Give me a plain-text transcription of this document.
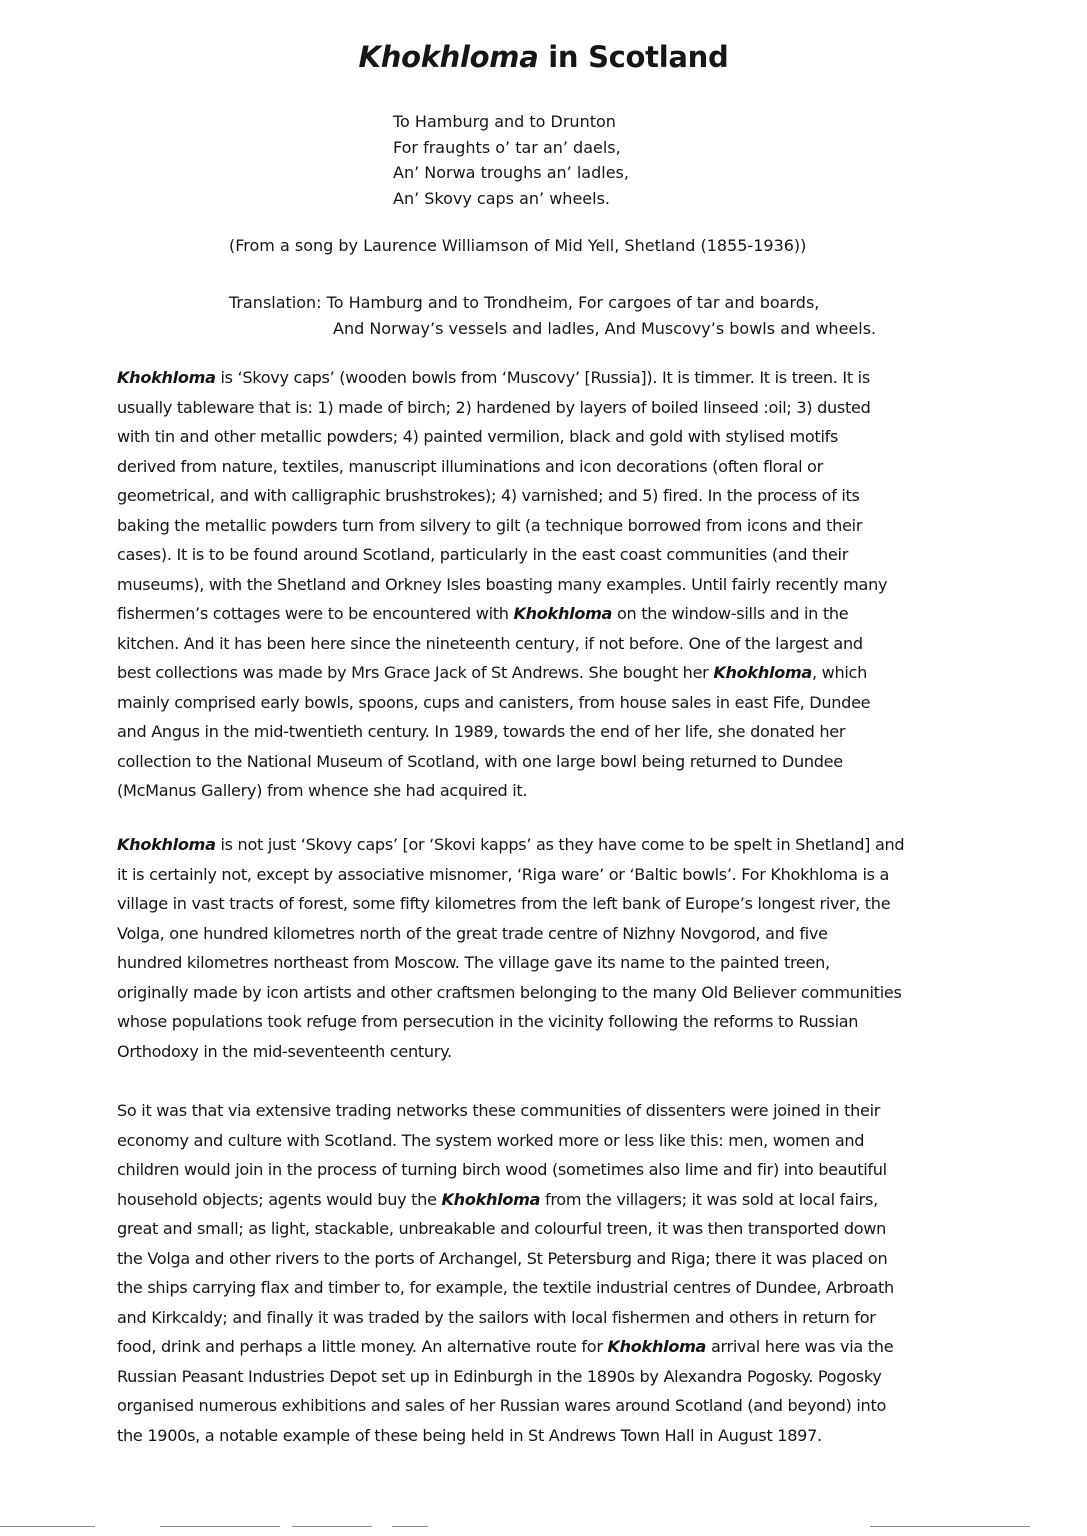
Khokhloma in Scotland
To Hamburg and to Drunton
For fraughts o’ tar an’ daels,
An’ Norwa troughs an’ ladles,
An’ Skovy caps an’ wheels.
(From a song by Laurence Williamson of Mid Yell, Shetland (1855-1936))
Translation: To Hamburg and to Trondheim, For cargoes of tar and boards,
And Norway’s vessels and ladles, And Muscovy’s bowls and wheels.
Khokhloma is ‘Skovy caps’ (wooden bowls from ‘Muscovy’ [Russia]). It is timmer. It is treen. It is
usually tableware that is: 1) made of birch; 2) hardened by layers of boiled linseed :oil; 3) dusted
with tin and other metallic powders; 4) painted vermilion, black and gold with stylised motifs
derived from nature, textiles, manuscript illuminations and icon decorations (often floral or
geometrical, and with calligraphic brushstrokes); 4) varnished; and 5) fired. In the process of its
baking the metallic powders turn from silvery to gilt (a technique borrowed from icons and their
cases). It is to be found around Scotland, particularly in the east coast communities (and their
museums), with the Shetland and Orkney Isles boasting many examples. Until fairly recently many
fishermen’s cottages were to be encountered with Khokhloma on the window-sills and in the
kitchen. And it has been here since the nineteenth century, if not before. One of the largest and
best collections was made by Mrs Grace Jack of St Andrews. She bought her Khokhloma, which
mainly comprised early bowls, spoons, cups and canisters, from house sales in east Fife, Dundee
and Angus in the mid-twentieth century. In 1989, towards the end of her life, she donated her
collection to the National Museum of Scotland, with one large bowl being returned to Dundee
(McManus Gallery) from whence she had acquired it.
Khokhloma is not just ‘Skovy caps’ [or ‘Skovi kapps’ as they have come to be spelt in Shetland] and
it is certainly not, except by associative misnomer, ‘Riga ware’ or ‘Baltic bowls’. For Khokhloma is a
village in vast tracts of forest, some fifty kilometres from the left bank of Europe’s longest river, the
Volga, one hundred kilometres north of the great trade centre of Nizhny Novgorod, and five
hundred kilometres northeast from Moscow. The village gave its name to the painted treen,
originally made by icon artists and other craftsmen belonging to the many Old Believer communities
whose populations took refuge from persecution in the vicinity following the reforms to Russian
Orthodoxy in the mid-seventeenth century.
So it was that via extensive trading networks these communities of dissenters were joined in their
economy and culture with Scotland. The system worked more or less like this: men, women and
children would join in the process of turning birch wood (sometimes also lime and fir) into beautiful
household objects; agents would buy the Khokhloma from the villagers; it was sold at local fairs,
great and small; as light, stackable, unbreakable and colourful treen, it was then transported down
the Volga and other rivers to the ports of Archangel, St Petersburg and Riga; there it was placed on
the ships carrying flax and timber to, for example, the textile industrial centres of Dundee, Arbroath
and Kirkcaldy; and finally it was traded by the sailors with local fishermen and others in return for
food, drink and perhaps a little money. An alternative route for Khokhloma arrival here was via the
Russian Peasant Industries Depot set up in Edinburgh in the 1890s by Alexandra Pogosky. Pogosky
organised numerous exhibitions and sales of her Russian wares around Scotland (and beyond) into
the 1900s, a notable example of these being held in St Andrews Town Hall in August 1897.
